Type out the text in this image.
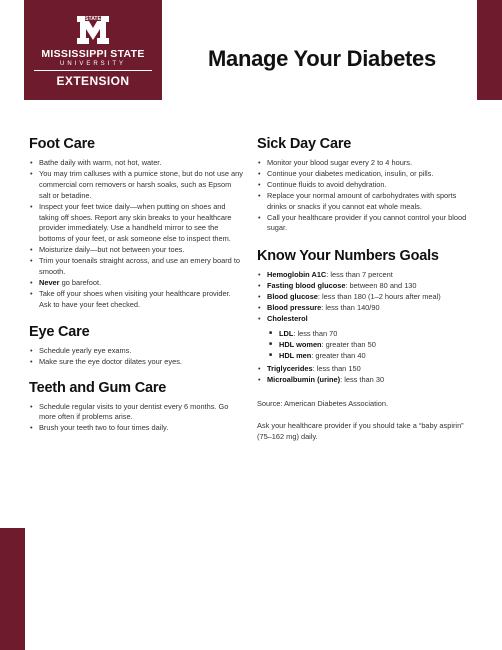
STATE
MISSISSIPPI STATE
UNIVERSITY
EXTENSION
Manage Your Diabetes
Foot Care
• Bathe daily with warm, not hot, water.
• You may trim calluses with a pumice stone, but do not use any commercial corn removers or harsh soaks, such as Epsom salt or betadine.
• Inspect your feet twice daily—when putting on shoes and taking off shoes. Report any skin breaks to your healthcare provider immediately. Use a handheld mirror to see the bottoms of your feet, or ask someone else to inspect them.
• Moisturize daily—but not between your toes.
• Trim your toenails straight across, and use an emery board to smooth.
• Never go barefoot.
• Take off your shoes when visiting your healthcare provider. Ask to have your feet checked.
Eye Care
• Schedule yearly eye exams.
• Make sure the eye doctor dilates your eyes.
Teeth and Gum Care
• Schedule regular visits to your dentist every 6 months. Go more often if problems arise.
• Brush your teeth two to four times daily.
Sick Day Care
• Monitor your blood sugar every 2 to 4 hours.
• Continue your diabetes medication, insulin, or pills.
• Continue fluids to avoid dehydration.
• Replace your normal amount of carbohydrates with sports drinks or snacks if you cannot eat whole meals.
• Call your healthcare provider if you cannot control your blood sugar.
Know Your Numbers Goals
• Hemoglobin A1C: less than 7 percent
• Fasting blood glucose: between 80 and 130
• Blood glucose: less than 180 (1–2 hours after meal)
• Blood pressure: less than 140/90
• Cholesterol
■ LDL: less than 70
■ HDL women: greater than 50
■ HDL men: greater than 40
• Triglycerides: less than 150
• Microalbumin (urine): less than 30

Source: American Diabetes Association.

Ask your healthcare provider if you should take a “baby aspirin” (75–162 mg) daily.
